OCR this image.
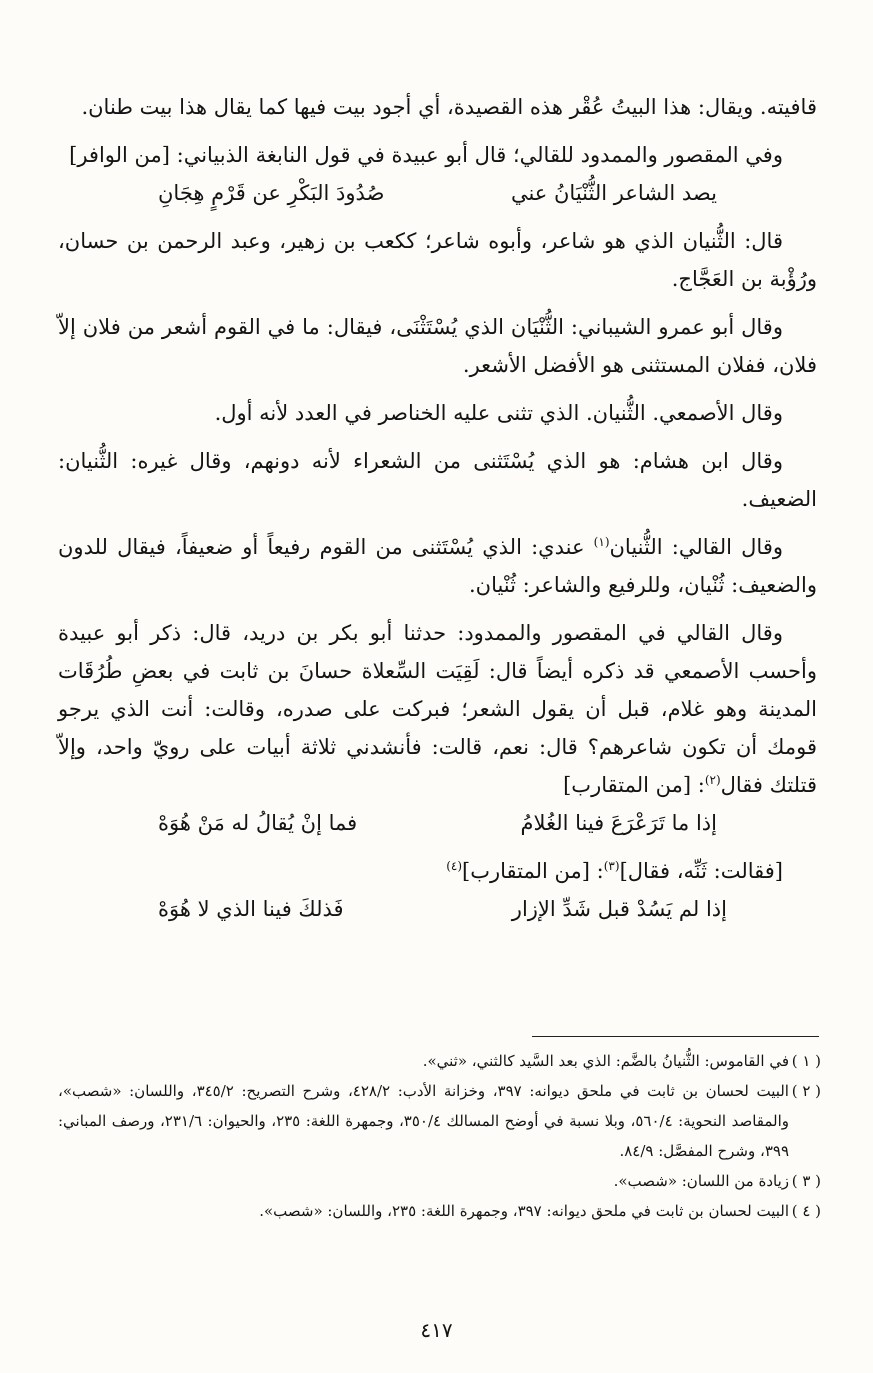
قافيته. ويقال: هذا البيتُ عُقْر هذه القصيدة، أي أجود بيت فيها كما يقال هذا بيت طنان.

وفي المقصور والممدود للقالي؛ قال أبو عبيدة في قول النابغة الذبياني: [من الوافر]

يصد الشاعر الثُّنْيَانُ عني
صُدُودَ البَكْرِ عن قَرْمٍ هِجَانِ

قال: الثُّنيان الذي هو شاعر، وأبوه شاعر؛ ككعب بن زهير، وعبد الرحمن بن حسان، ورُؤْبة بن العَجَّاج.

وقال أبو عمرو الشيباني: الثُّنْيَان الذي يُسْتَثْنَى، فيقال: ما في القوم أشعر من فلان إلاّ فلان، ففلان المستثنى هو الأفضل الأشعر.

وقال الأصمعي. الثُّنيان. الذي تثنى عليه الخناصر في العدد لأنه أول.

وقال ابن هشام: هو الذي يُسْتَثنى من الشعراء لأنه دونهم، وقال غيره: الثُّنيان: الضعيف.

وقال القالي: الثُّنيان$^{(١)}$ عندي: الذي يُسْتَثنى من القوم رفيعاً أو ضعيفاً، فيقال للدون والضعيف: ثُنْيان، وللرفيع والشاعر: ثُنْيان.

وقال القالي في المقصور والممدود: حدثنا أبو بكر بن دريد، قال: ذكر أبو عبيدة وأحسب الأصمعي قد ذكره أيضاً قال: لَقِيَت السِّعلاة حسانَ بن ثابت في بعضِ طُرُقَات المدينة وهو غلام، قبل أن يقول الشعر؛ فبركت على صدره، وقالت: أنت الذي يرجو قومك أن تكون شاعرهم؟ قال: نعم، قالت: فأنشدني ثلاثة أبيات على رويّ واحد، وإلاّ قتلتك فقال$^{(٢)}$: [من المتقارب]

إذا ما تَرَعْرَعَ فينا الغُلامُ
فما إنْ يُقالُ له مَنْ هُوَهْ

[فقالت: ثَنِّه، فقال]$^{(٣)}$: [من المتقارب]$^{(٤)}$

إذا لم يَسُدْ قبل شَدِّ الإزار
فَذلكَ فينا الذي لا هُوَهْ
( ١ )
في القاموس: الثُّنيانُ بالضَّم: الذي بعد السَّيد كالثني، «ثني».
( ٢ )
البيت لحسان بن ثابت في ملحق ديوانه: ٣٩٧، وخزانة الأدب: ٤٢٨/٢، وشرح التصريح: ٣٤٥/٢، واللسان: «شصب»، والمقاصد النحوية: ٥٦٠/٤، وبلا نسبة في أوضح المسالك ٣٥٠/٤، وجمهرة اللغة: ٢٣٥، والحيوان: ٢٣١/٦، ورصف المباني: ٣٩٩، وشرح المفصَّل: ٨٤/٩.
( ٣ )
زيادة من اللسان: «شصب».
( ٤ )
البيت لحسان بن ثابت في ملحق ديوانه: ٣٩٧، وجمهرة اللغة: ٢٣٥، واللسان: «شصب».
٤١٧
